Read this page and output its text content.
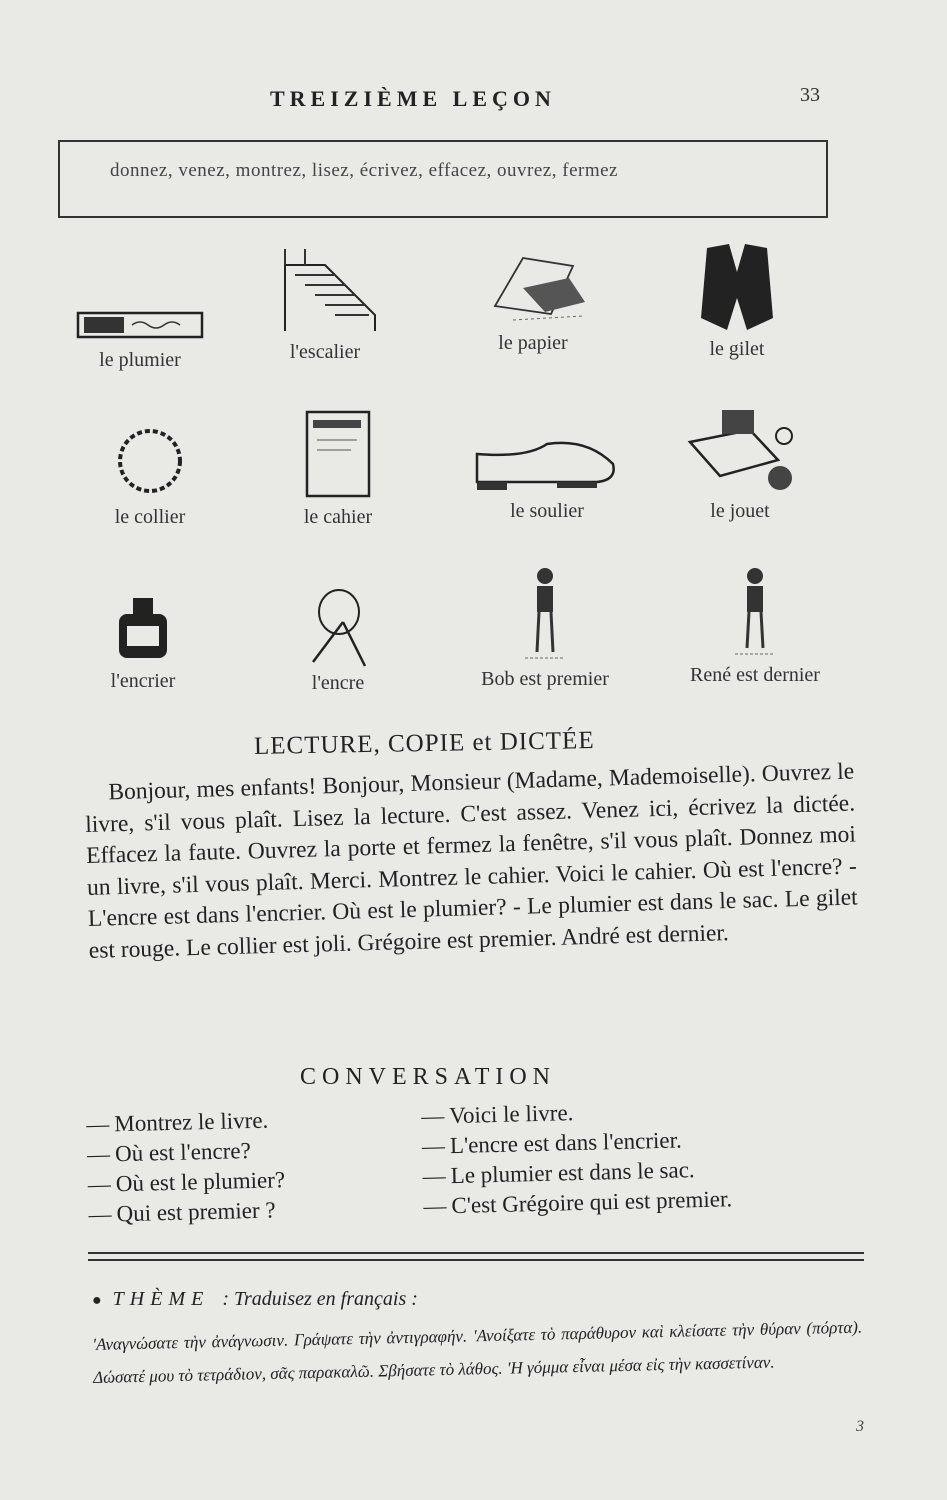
TREIZIÈME LEÇON	33
donnez, venez, montrez, lisez, écrivez, effacez, ouvrez, fermez
le plumier	l'escalier	le papier	le gilet
le collier	le cahier	le soulier	le jouet
l'encrier	l'encre	Bob est premier	René est dernier
LECTURE, COPIE et DICTÉE

Bonjour, mes enfants! Bonjour, Monsieur (Madame, Mademoiselle). Ouvrez le livre, s'il vous plaît. Lisez la lecture. C'est assez. Venez ici, écrivez la dictée. Effacez la faute. Ouvrez la porte et fermez la fenêtre, s'il vous plaît. Donnez moi un livre, s'il vous plaît. Merci. Montrez le cahier. Voici le cahier. Où est l'encre? - L'encre est dans l'encrier. Où est le plumier? - Le plumier est dans le sac. Le gilet est rouge. Le collier est joli. Grégoire est premier. André est dernier.

CONVERSATION
— Montrez le livre.	— Voici le livre.
— Où est l'encre?	— L'encre est dans l'encrier.
— Où est le plumier?	— Le plumier est dans le sac.
— Qui est premier ?	— C'est Grégoire qui est premier.
● THÈME : Traduisez en français :
'Αναγνώσατε τὴν ἀνάγνωσιν. Γράψατε τὴν ἀντιγραφήν. 'Ανοίξατε τὸ παράθυρον καὶ κλείσατε τὴν θύραν (πόρτα). Δώσατέ μου τὸ τετράδιον, σᾶς παρακαλῶ. Σβήσατε τὸ λάθος. 'Η γόμμα εἶναι μέσα εἰς τὴν κασσετίναν.
3
